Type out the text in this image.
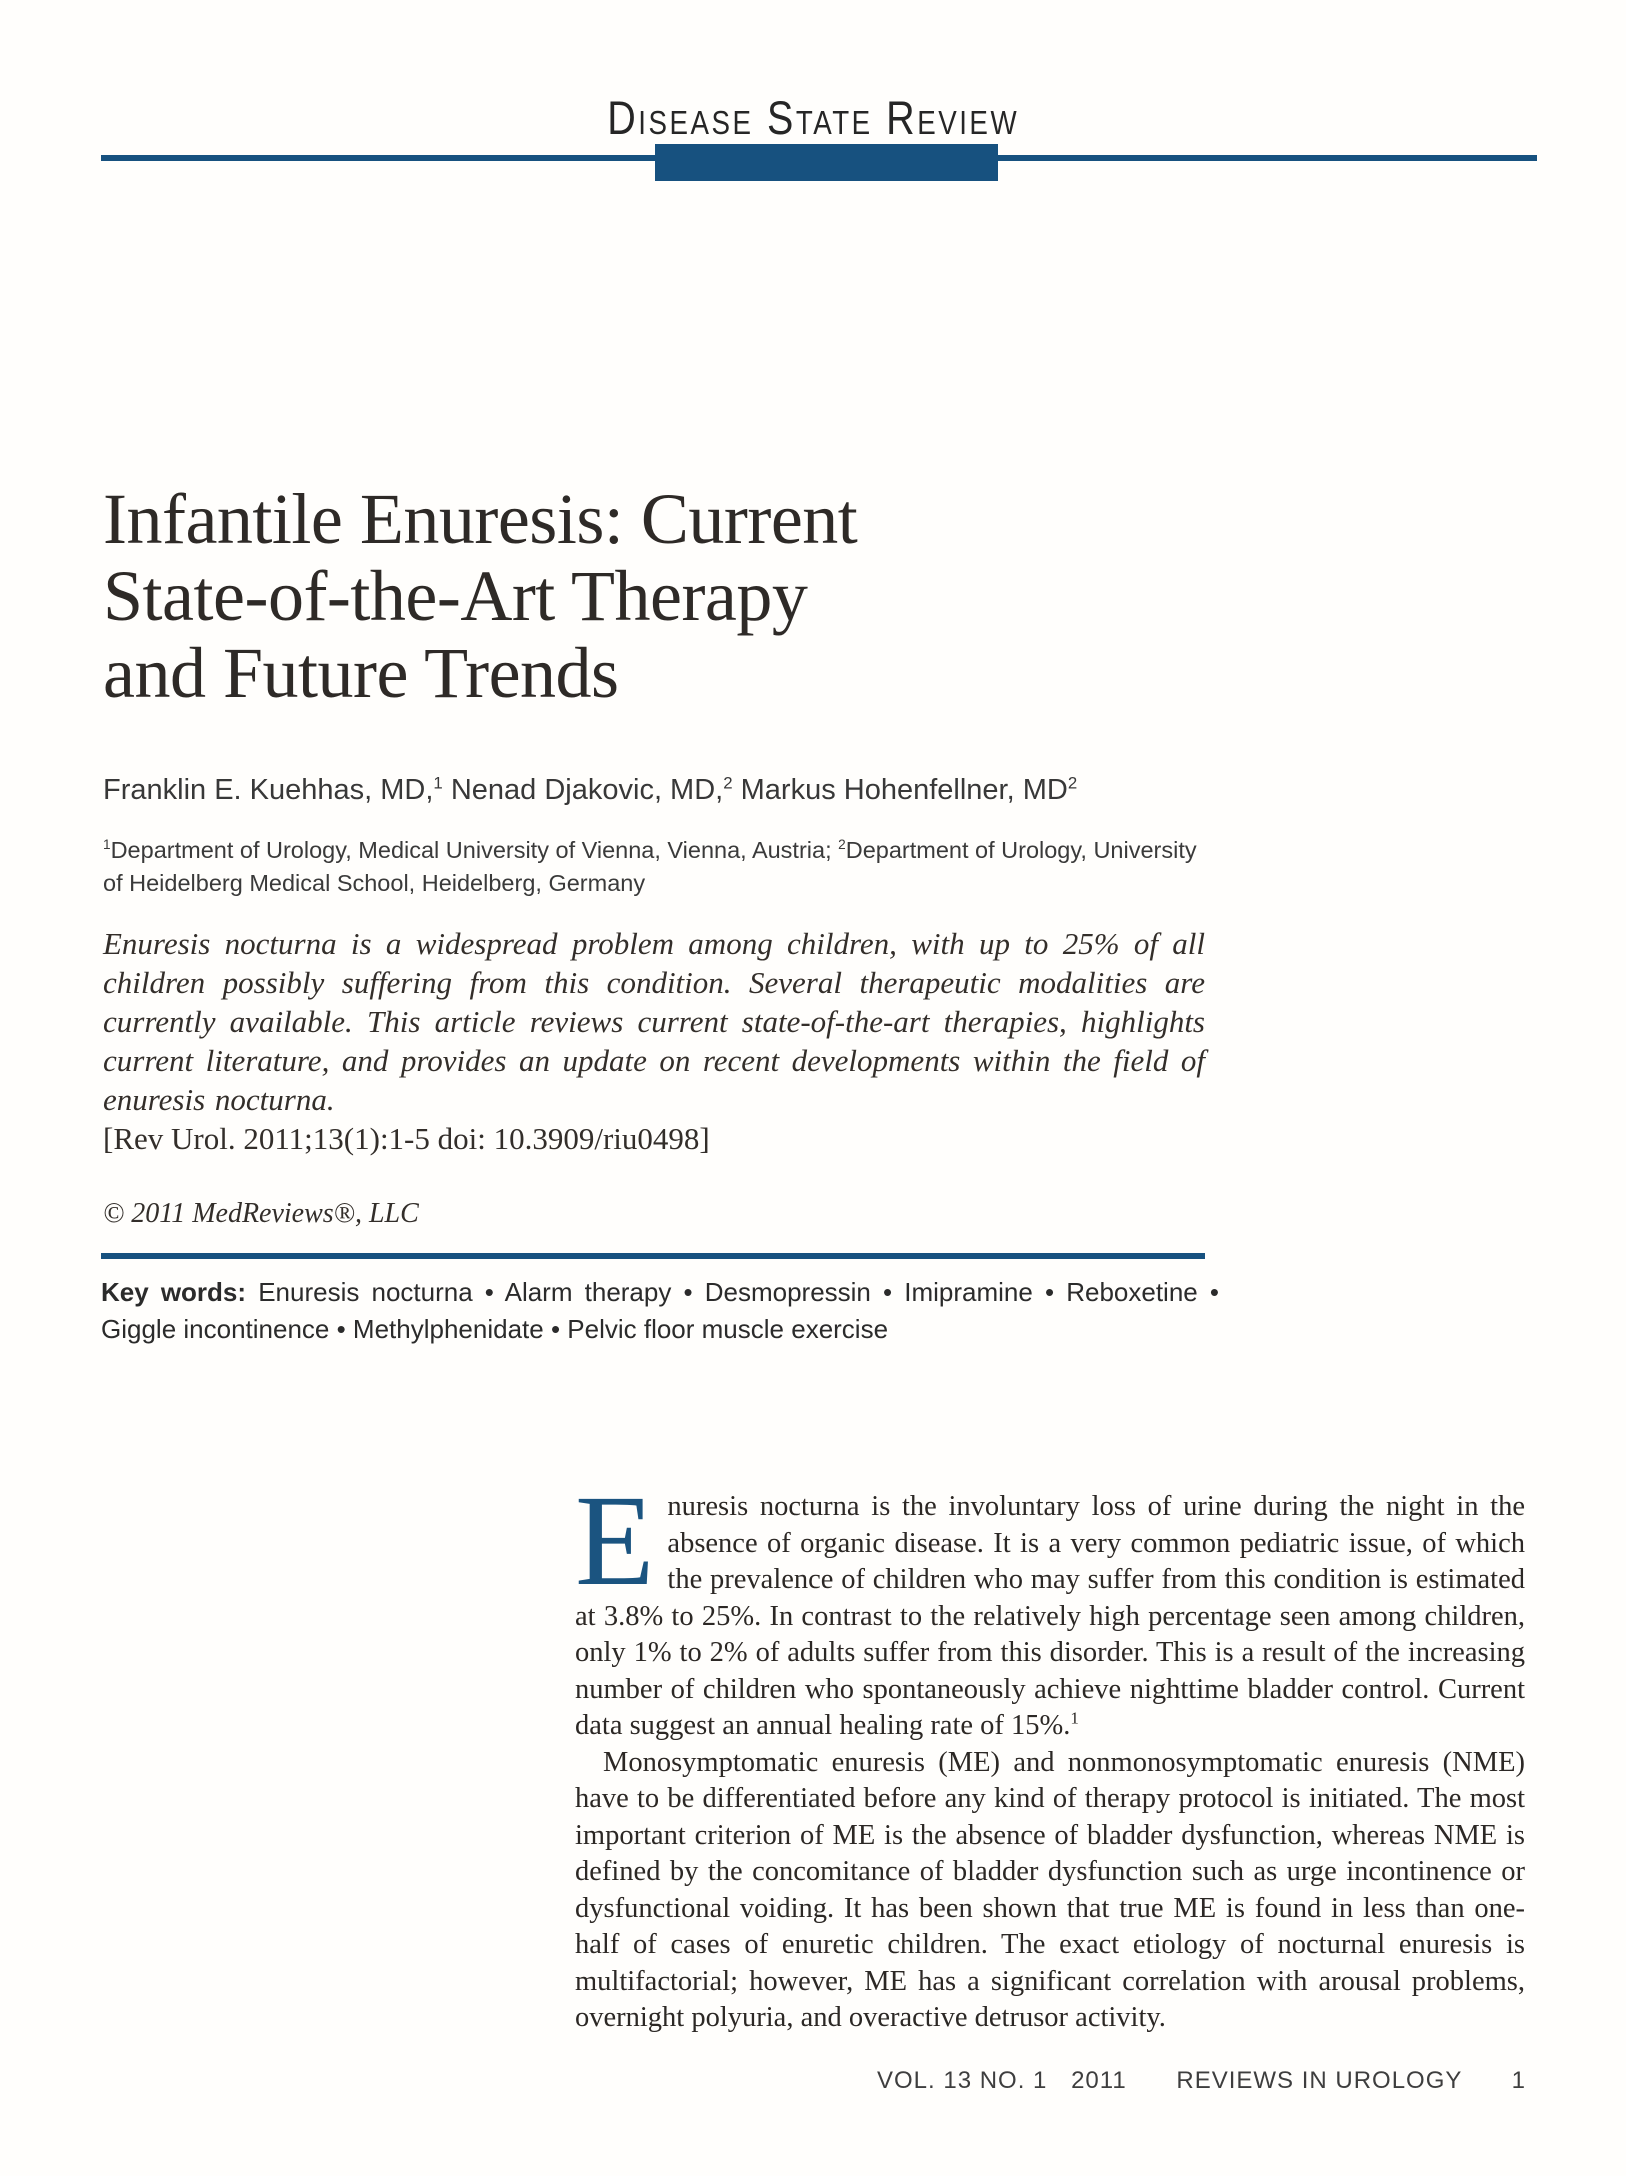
Disease State Review
Infantile Enuresis: Current
State-of-the-Art Therapy
and Future Trends
Franklin E. Kuehhas, MD,$^1$ Nenad Djakovic, MD,$^2$ Markus Hohenfellner, $MD^2$
$^1$Department of Urology, Medical University of Vienna, Vienna, Austria; $^2$Department of Urology, University
of Heidelberg Medical School, Heidelberg, Germany

Enuresis nocturna is a widespread problem among children, with up to 25% of all children possibly suffering from this condition. Several therapeutic modalities are currently available. This article reviews current state-of-the-art therapies, highlights current literature, and provides an update on recent developments within the field of enuresis nocturna.

[Rev Urol. 2011;13(1):1-5 doi: 10.3909/riu0498]

© 2011 MedReviews®, LLC
Key words: Enuresis nocturna • Alarm therapy • Desmopressin • Imipramine • Reboxetine • Giggle incontinence • Methylphenidate • Pelvic floor muscle exercise

Enuresis nocturna is the involuntary loss of urine during the night in the absence of organic disease. It is a very common pediatric issue, of which the prevalence of children who may suffer from this condition is estimated at 3.8% to 25%. In contrast to the relatively high percentage seen among children, only 1% to 2% of adults suffer from this disorder. This is a result of the increasing number of children who spontaneously achieve nighttime bladder control. Current data suggest an annual healing rate of 15%.$^1$

Monosymptomatic enuresis (ME) and nonmonosymptomatic enuresis (NME) have to be differentiated before any kind of therapy protocol is initiated. The most important criterion of ME is the absence of bladder dysfunction, whereas NME is defined by the concomitance of bladder dysfunction such as urge incontinence or dysfunctional voiding. It has been shown that true ME is found in less than one-half of cases of enuretic children. The exact etiology of nocturnal enuresis is multifactorial; however, ME has a significant correlation with arousal problems, overnight polyuria, and overactive detrusor activity.

VOL. 13 NO. 1 2011 REVIEWS IN UROLOGY 1
